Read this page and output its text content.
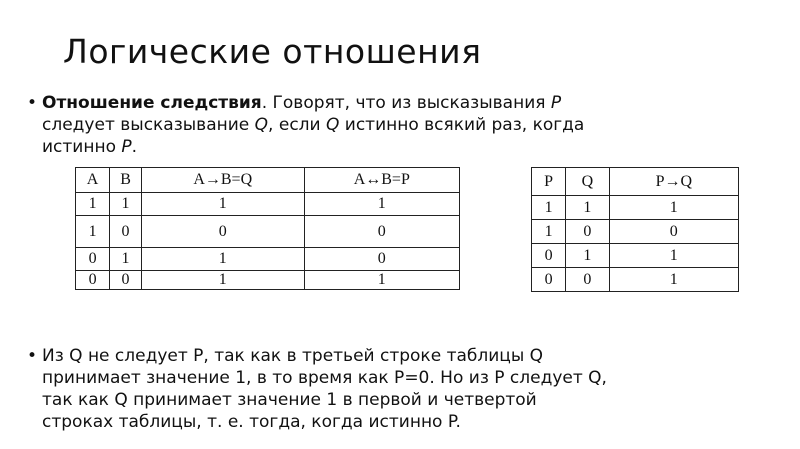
Логические отношения
• Отношение следствия. Говорят, что из высказывания P
следует высказывание Q, если Q истинно всякий раз, когда
истинно P.
A	B	A→B=Q	A↔B=P
1	1	1	1
1	0	0	0
0	1	1	0
0	0	1	1
P	Q	P→Q
1	1	1
1	0	0
0	1	1
0	0	1
• Из Q не следует P, так как в третьей строке таблицы Q
принимает значение 1, в то время как P=0. Но из P следует Q,
так как Q принимает значение 1 в первой и четвертой
строках таблицы, т. е. тогда, когда истинно P.
